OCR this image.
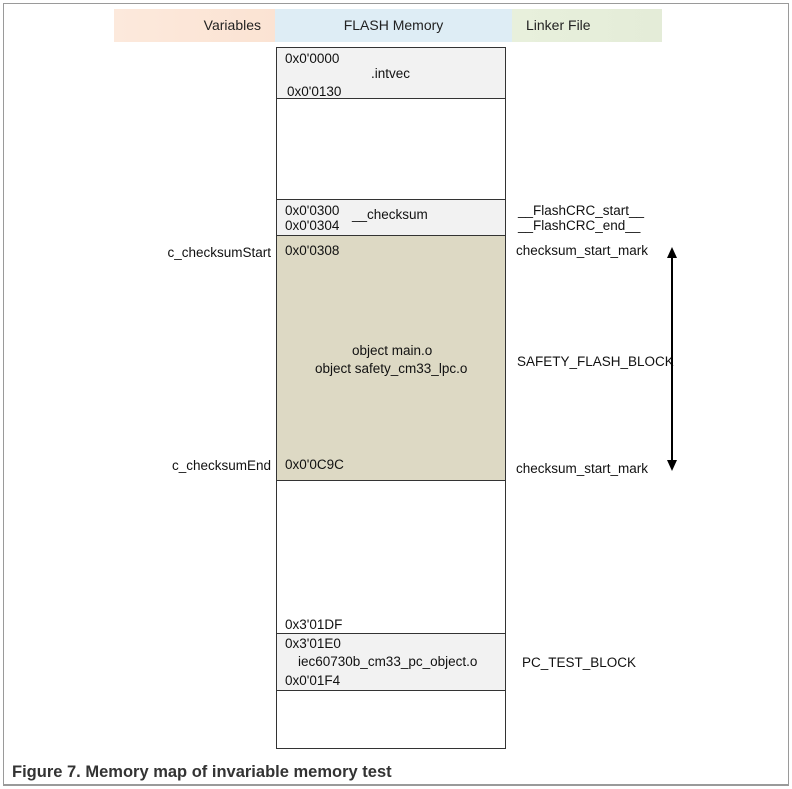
Variables	FLASH Memory	Linker File
0x0'0000
.intvec
0x0'0130
0x0'0300
0x0'0304
__checksum
0x0'0308
object main.o
object safety_cm33_lpc.o
0x0'0C9C
0x3'01DF
0x3'01E0
iec60730b_cm33_pc_object.o
0x0'01F4
c_checksumStart
c_checksumEnd
__FlashCRC_start__
__FlashCRC_end__
checksum_start_mark
SAFETY_FLASH_BLOCK
checksum_start_mark
PC_TEST_BLOCK
Figure 7. Memory map of invariable memory test
